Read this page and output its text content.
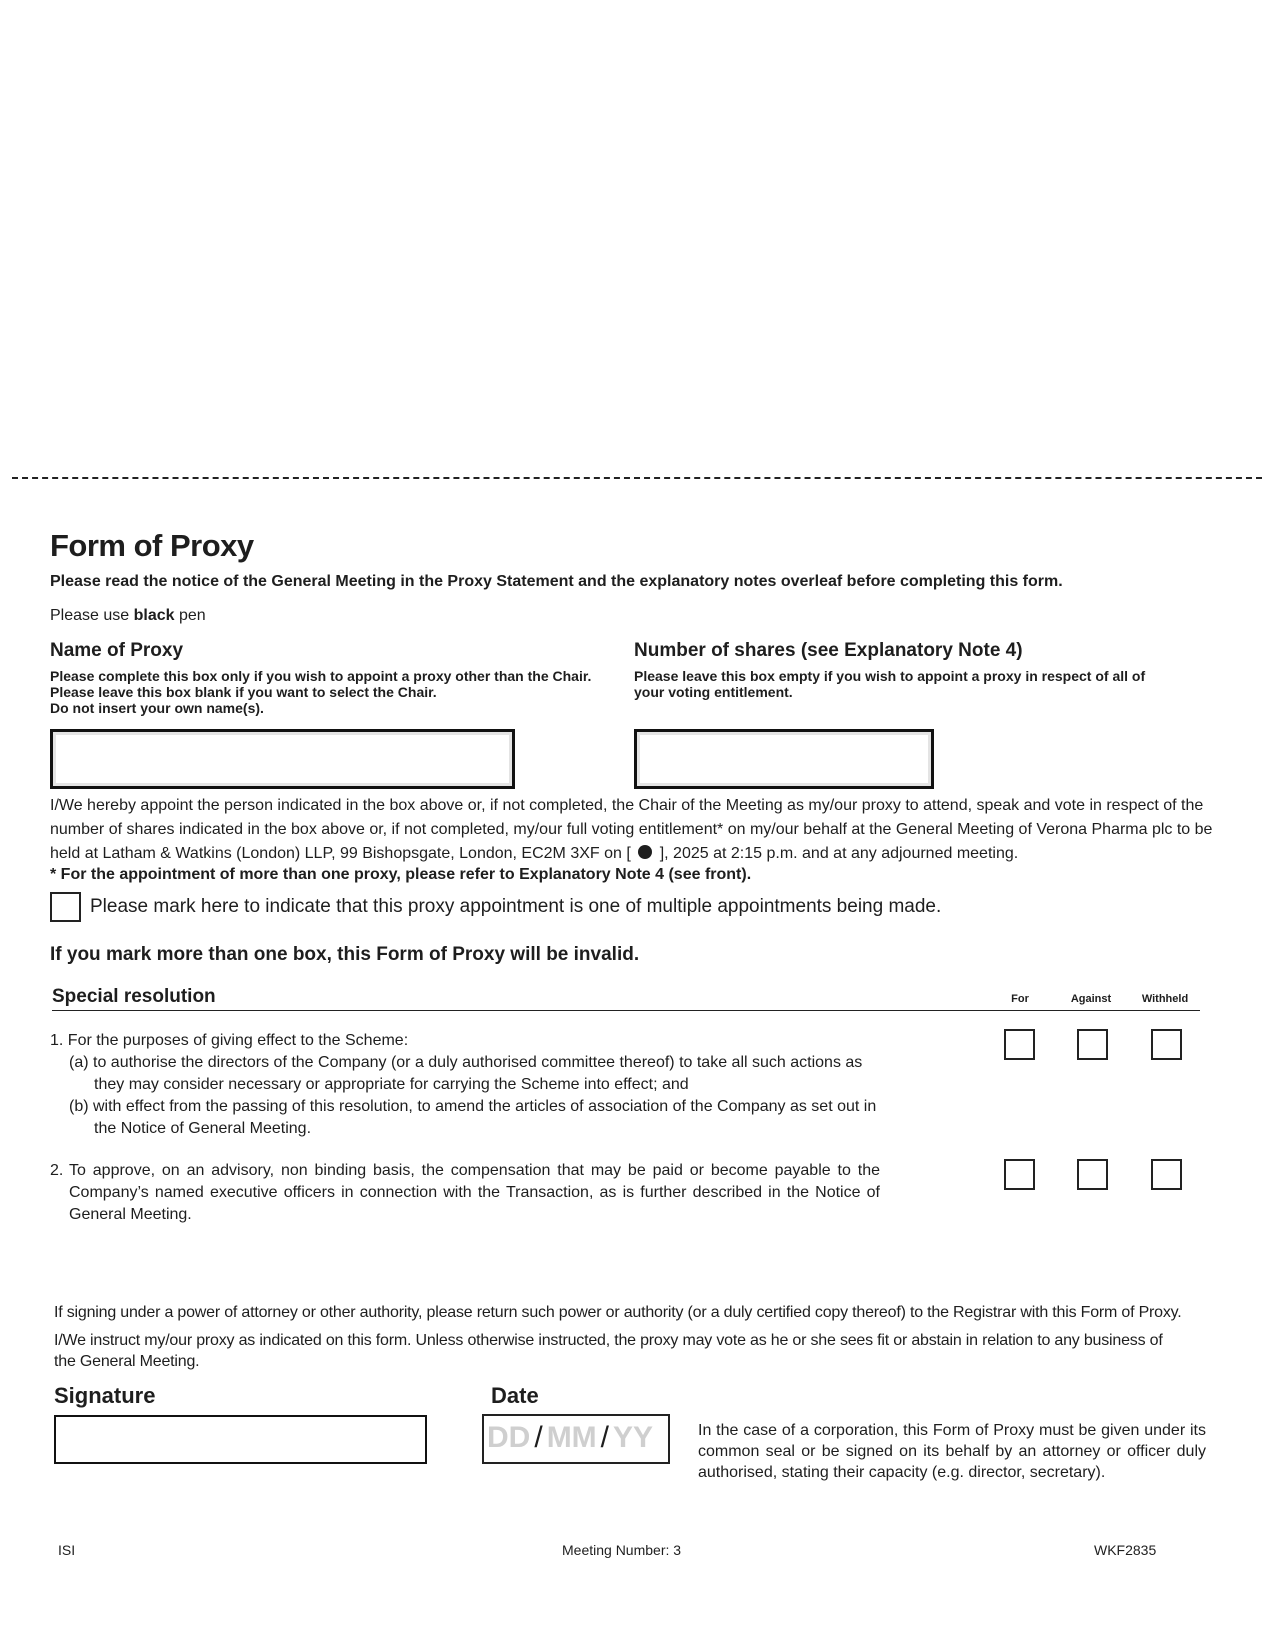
Form of Proxy
Please read the notice of the General Meeting in the Proxy Statement and the explanatory notes overleaf before completing this form.
Please use black pen
Name of Proxy
Please complete this box only if you wish to appoint a proxy other than the Chair.
Please leave this box blank if you want to select the Chair.
Do not insert your own name(s).
Number of shares (see Explanatory Note 4)
Please leave this box empty if you wish to appoint a proxy in respect of all of
your voting entitlement.
I/We hereby appoint the person indicated in the box above or, if not completed, the Chair of the Meeting as my/our proxy to attend, speak and vote in respect of the number of shares indicated in the box above or, if not completed, my/our full voting entitlement* on my/our behalf at the General Meeting of Verona Pharma plc to be held at Latham & Watkins (London) LLP, 99 Bishopsgate, London, EC2M 3XF on [ ], 2025 at 2:15 p.m. and at any adjourned meeting.
* For the appointment of more than one proxy, please refer to Explanatory Note 4 (see front).
Please mark here to indicate that this proxy appointment is one of multiple appointments being made.
If you mark more than one box, this Form of Proxy will be invalid.
Special resolution	For	Against	Withheld
1. For the purposes of giving effect to the Scheme:
(a) to authorise the directors of the Company (or a duly authorised committee thereof) to take all such actions as they may consider necessary or appropriate for carrying the Scheme into effect; and
(b) with effect from the passing of this resolution, to amend the articles of association of the Company as set out in the Notice of General Meeting.
2. To approve, on an advisory, non binding basis, the compensation that may be paid or become payable to the Company’s named executive officers in connection with the Transaction, as is further described in the Notice of General Meeting.
If signing under a power of attorney or other authority, please return such power or authority (or a duly certified copy thereof) to the Registrar with this Form of Proxy.
I/We instruct my/our proxy as indicated on this form. Unless otherwise instructed, the proxy may vote as he or she sees fit or abstain in relation to any business of the General Meeting.
Signature	Date
DD / MM / YY	In the case of a corporation, this Form of Proxy must be given under its common seal or be signed on its behalf by an attorney or officer duly authorised, stating their capacity (e.g. director, secretary).
ISI	Meeting Number: 3	WKF2835
